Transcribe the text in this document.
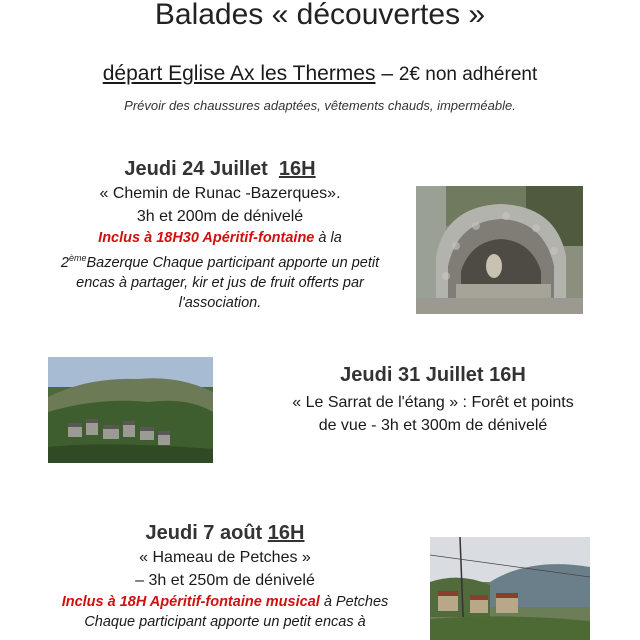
Balades « découvertes »
départ Eglise Ax les Thermes – 2€ non adhérent
Prévoir des chaussures adaptées, vêtements chauds, imperméable.
Jeudi 24 Juillet 16H
« Chemin de Runac -Bazerques».
3h et 200m de dénivelé
Inclus à 18H30 Apéritif-fontaine à la
2èmeBazerque Chaque participant apporte un petit
encas à partager, kir et jus de fruit offerts par
l'association.
Jeudi 31 Juillet 16H
« Le Sarrat de l'étang » : Forêt et points
de vue - 3h et 300m de dénivelé
Jeudi 7 août 16H
« Hameau de Petches »
– 3h et 250m de dénivelé
Inclus à 18H Apéritif-fontaine musical à Petches
Chaque participant apporte un petit encas à
